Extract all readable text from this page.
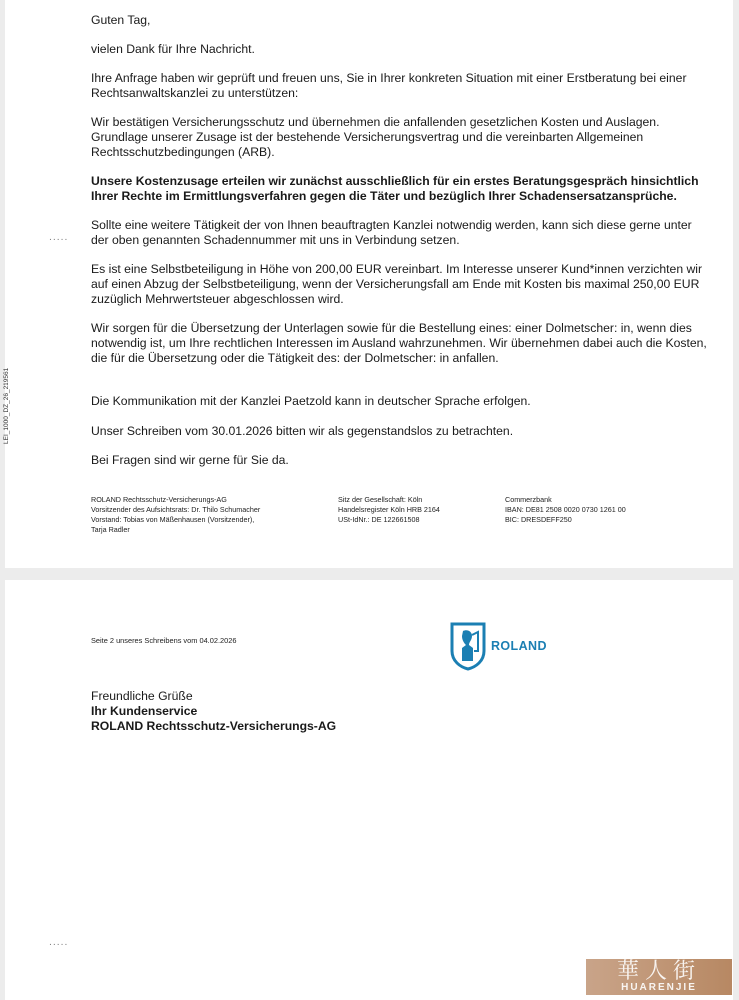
Guten Tag,

vielen Dank für Ihre Nachricht.

Ihre Anfrage haben wir geprüft und freuen uns, Sie in Ihrer konkreten Situation mit einer Erstberatung bei einer Rechtsanwaltskanzlei zu unterstützen:

Wir bestätigen Versicherungsschutz und übernehmen die anfallenden gesetzlichen Kosten und Auslagen. Grundlage unserer Zusage ist der bestehende Versicherungsvertrag und die vereinbarten Allgemeinen Rechtsschutzbedingungen (ARB).

Unsere Kostenzusage erteilen wir zunächst ausschließlich für ein erstes Beratungsgespräch hinsichtlich Ihrer Rechte im Ermittlungsverfahren gegen die Täter und bezüglich Ihrer Schadensersatzansprüche.

Sollte eine weitere Tätigkeit der von Ihnen beauftragten Kanzlei notwendig werden, kann sich diese gerne unter der oben genannten Schadennummer mit uns in Verbindung setzen.

Es ist eine Selbstbeteiligung in Höhe von 200,00 EUR vereinbart. Im Interesse unserer Kund*innen verzichten wir auf einen Abzug der Selbstbeteiligung, wenn der Versicherungsfall am Ende mit Kosten bis maximal 250,00 EUR zuzüglich Mehrwertsteuer abgeschlossen wird.

Wir sorgen für die Übersetzung der Unterlagen sowie für die Bestellung eines: einer Dolmetscher: in, wenn dies notwendig ist, um Ihre rechtlichen Interessen im Ausland wahrzunehmen. Wir übernehmen dabei auch die Kosten, die für die Übersetzung oder die Tätigkeit des: der Dolmetscher: in anfallen.

Die Kommunikation mit der Kanzlei Paetzold kann in deutscher Sprache erfolgen.

Unser Schreiben vom 30.01.2026 bitten wir als gegenstandslos zu betrachten.

Bei Fragen sind wir gerne für Sie da.

.....
LEI_1000_DZ_26_219561
ROLAND Rechtsschutz-Versicherungs-AG
Vorsitzender des Aufsichtsrats: Dr. Thilo Schumacher
Vorstand: Tobias von Mäßenhausen (Vorsitzender),
Tarja Radler
Sitz der Gesellschaft: Köln
Handelsregister Köln HRB 2164
USt-IdNr.: DE 122661508
Commerzbank
IBAN: DE81 2508 0020 0730 1261 00
BIC: DRESDEFF250
Seite 2 unseres Schreibens vom 04.02.2026	ROLAND
Freundliche Grüße
Ihr Kundenservice
ROLAND Rechtsschutz-Versicherungs-AG
.....
華人街
HUARENJIE
